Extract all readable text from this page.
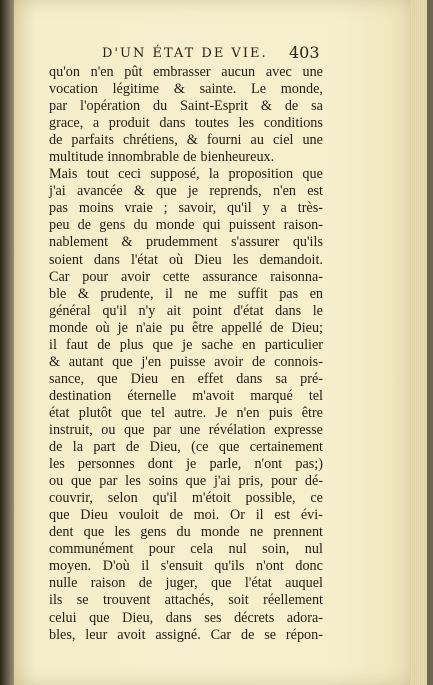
D'UN ÉTAT DE VIE.	403
qu'on n'en pût embrasser aucun avec une
vocation légitime & sainte. Le monde,
par l'opération du Saint-Esprit & de sa
grace, a produit dans toutes les conditions
de parfaits chrétiens, & fourni au ciel une
multitude innombrable de bienheureux.
Mais tout ceci supposé, la proposition que
j'ai avancée & que je reprends, n'en est
pas moins vraie ; savoir, qu'il y a très-
peu de gens du monde qui puissent raison-
nablement & prudemment s'assurer qu'ils
soient dans l'état où Dieu les demandoit.
Car pour avoir cette assurance raisonna-
ble & prudente, il ne me suffit pas en
général qu'il n'y ait point d'état dans le
monde où je n'aie pu être appellé de Dieu;
il faut de plus que je sache en particulier
& autant que j'en puisse avoir de connois-
sance, que Dieu en effet dans sa pré-
destination éternelle m'avoit marqué tel
état plutôt que tel autre. Je n'en puis être
instruit, ou que par une révélation expresse
de la part de Dieu, (ce que certainement
les personnes dont je parle, n'ont pas;)
ou que par les soins que j'ai pris, pour dé-
couvrir, selon qu'il m'étoit possible, ce
que Dieu vouloit de moi. Or il est évi-
dent que les gens du monde ne prennent
communément pour cela nul soin, nul
moyen. D'où il s'ensuit qu'ils n'ont donc
nulle raison de juger, que l'état auquel
ils se trouvent attachés, soit réellement
celui que Dieu, dans ses décrets adora-
bles, leur avoit assigné. Car de se répon-
